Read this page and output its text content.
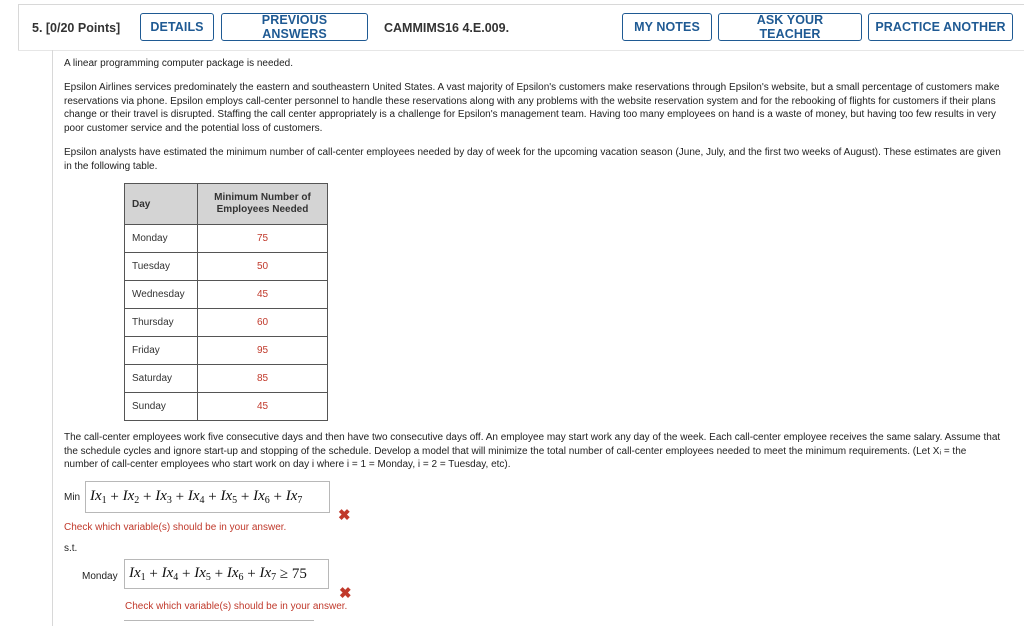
5. [0/20 Points]	DETAILS	PREVIOUS ANSWERS	CAMMIMS16 4.E.009.	MY NOTES	ASK YOUR TEACHER	PRACTICE ANOTHER
A linear programming computer package is needed.
Epsilon Airlines services predominately the eastern and southeastern United States. A vast majority of Epsilon's customers make reservations through Epsilon's website, but a small percentage of customers make reservations via phone. Epsilon employs call-center personnel to handle these reservations along with any problems with the website reservation system and for the rebooking of flights for customers if their plans change or their travel is disrupted. Staffing the call center appropriately is a challenge for Epsilon's management team. Having too many employees on hand is a waste of money, but having too few results in very poor customer service and the potential loss of customers.
Epsilon analysts have estimated the minimum number of call-center employees needed by day of week for the upcoming vacation season (June, July, and the first two weeks of August). These estimates are given in the following table.
Day	Minimum Number of Employees Needed
Monday	75
Tuesday	50
Wednesday	45
Thursday	60
Friday	95
Saturday	85
Sunday	45
The call-center employees work five consecutive days and then have two consecutive days off. An employee may start work any day of the week. Each call-center employee receives the same salary. Assume that the schedule cycles and ignore start-up and stopping of the schedule. Develop a model that will minimize the total number of call-center employees needed to meet the minimum requirements. (Let Xᵢ = the number of call-center employees who start work on day i where i = 1 = Monday, i = 2 = Tuesday, etc).
Min $Ix_1 + Ix_2 + Ix_3 + Ix_4 + Ix_5 + Ix_6 + Ix_7$
✖
Check which variable(s) should be in your answer.
s.t.
Monday $Ix_1 + Ix_4 + Ix_5 + Ix_6 + Ix_7 \ge 75$
✖
Check which variable(s) should be in your answer.
